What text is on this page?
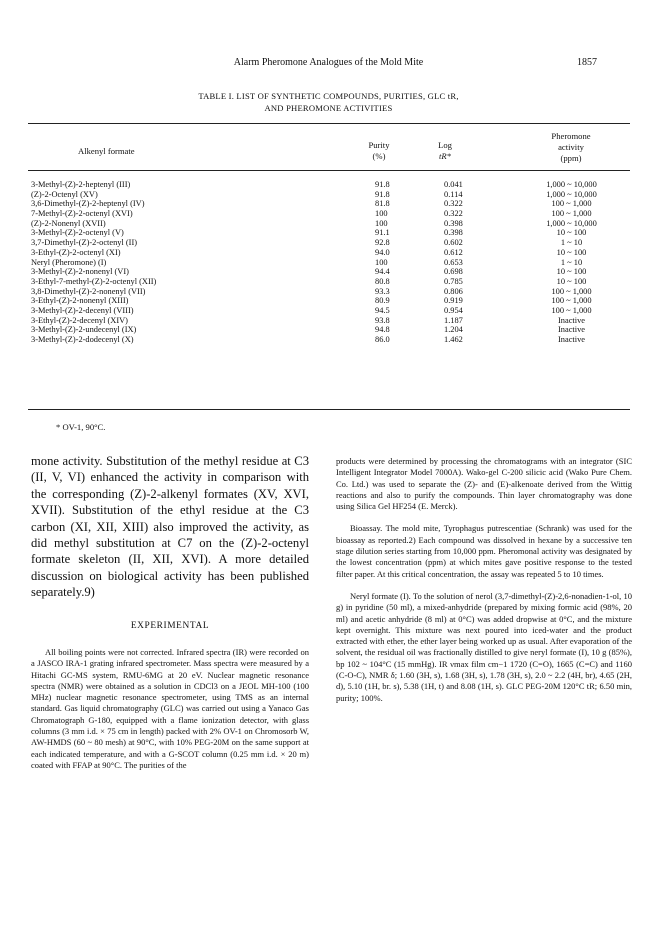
Alarm Pheromone Analogues of the Mold Mite	1857
TABLE I. LIST OF SYNTHETIC COMPOUNDS, PURITIES, GLC tR,
AND PHEROMONE ACTIVITIES
Alkenyl formate
Purity
(%)
Log
tR*
Pheromone
activity
(ppm)
3-Methyl-(Z)-2-heptenyl (III)	91.8	0.041	1,000 ~ 10,000
(Z)-2-Octenyl (XV)	91.8	0.114	1,000 ~ 10,000
3,6-Dimethyl-(Z)-2-heptenyl (IV)	81.8	0.322	100 ~ 1,000
7-Methyl-(Z)-2-octenyl (XVI)	100	0.322	100 ~ 1,000
(Z)-2-Nonenyl (XVII)	100	0.398	1,000 ~ 10,000
3-Methyl-(Z)-2-octenyl (V)	91.1	0.398	10 ~ 100
3,7-Dimethyl-(Z)-2-octenyl (II)	92.8	0.602	1 ~ 10
3-Ethyl-(Z)-2-octenyl (XI)	94.0	0.612	10 ~ 100
Neryl (Pheromone) (I)	100	0.653	1 ~ 10
3-Methyl-(Z)-2-nonenyl (VI)	94.4	0.698	10 ~ 100
3-Ethyl-7-methyl-(Z)-2-octenyl (XII)	80.8	0.785	10 ~ 100
3,8-Dimethyl-(Z)-2-nonenyl (VII)	93.3	0.806	100 ~ 1,000
3-Ethyl-(Z)-2-nonenyl (XIII)	80.9	0.919	100 ~ 1,000
3-Methyl-(Z)-2-decenyl (VIII)	94.5	0.954	100 ~ 1,000
3-Ethyl-(Z)-2-decenyl (XIV)	93.8	1.187	Inactive
3-Methyl-(Z)-2-undecenyl (IX)	94.8	1.204	Inactive
3-Methyl-(Z)-2-dodecenyl (X)	86.0	1.462	Inactive
* OV-1, 90°C.

mone activity. Substitution of the methyl residue at C3 (II, V, VI) enhanced the activity in comparison with the corresponding (Z)-2-alkenyl formates (XV, XVI, XVII). Substitution of the ethyl residue at the C3 carbon (XI, XII, XIII) also improved the activity, as did methyl substitution at C7 on the (Z)-2-octenyl formate skeleton (II, XII, XVI). A more detailed discussion on biological activity has been published separately.9)

EXPERIMENTAL

All boiling points were not corrected. Infrared spectra (IR) were recorded on a JASCO IRA-1 grating infrared spectrometer. Mass spectra were measured by a Hitachi GC-MS system, RMU-6MG at 20 eV. Nuclear magnetic resonance spectra (NMR) were obtained as a solution in CDCl3 on a JEOL MH-100 (100 MHz) nuclear magnetic resonance spectrometer, using TMS as an internal standard. Gas liquid chromatography (GLC) was carried out using a Yanaco Gas Chromatograph G-180, equipped with a flame ionization detector, with glass columns (3 mm i.d. × 75 cm in length) packed with 2% OV-1 on Chromosorb W, AW-HMDS (60 ~ 80 mesh) at 90°C, with 10% PEG-20M on the same support at each indicated temperature, and with a G-SCOT column (0.25 mm i.d. × 20 m) coated with FFAP at 90°C. The purities of the

products were determined by processing the chromatograms with an integrator (SIC Intelligent Integrator Model 7000A). Wako-gel C-200 silicic acid (Wako Pure Chem. Co. Ltd.) was used to separate the (Z)- and (E)-alkenoate derived from the Wittig reactions and also to purify the compounds. Thin layer chromatography was done using Silica Gel HF254 (E. Merck).

Bioassay. The mold mite, Tyrophagus putrescentiae (Schrank) was used for the bioassay as reported.2) Each compound was dissolved in hexane by a successive ten stage dilution series starting from 10,000 ppm. Pheromonal activity was designated by the lowest concentration (ppm) at which mites gave positive response to the tested filter paper. At this critical concentration, the assay was repeated 5 to 10 times.

Neryl formate (I). To the solution of nerol (3,7-dimethyl-(Z)-2,6-nonadien-1-ol, 10 g) in pyridine (50 ml), a mixed-anhydride (prepared by mixing formic acid (98%, 20 ml) and acetic anhydride (8 ml) at 0°C) was added dropwise at 0°C, and the mixture kept overnight. This mixture was next poured into iced-water and the product extracted with ether, the ether layer being worked up as usual. After evaporation of the solvent, the residual oil was fractionally distilled to give neryl formate (I), 10 g (85%), bp 102 ~ 104°C (15 mmHg). IR νmax film cm−1 1720 (C=O), 1665 (C=C) and 1160 (C-O-C), NMR δ; 1.60 (3H, s), 1.68 (3H, s), 1.78 (3H, s), 2.0 ~ 2.2 (4H, br), 4.65 (2H, d), 5.10 (1H, br. s), 5.38 (1H, t) and 8.08 (1H, s). GLC PEG-20M 120°C tR; 6.50 min, purity; 100%.
